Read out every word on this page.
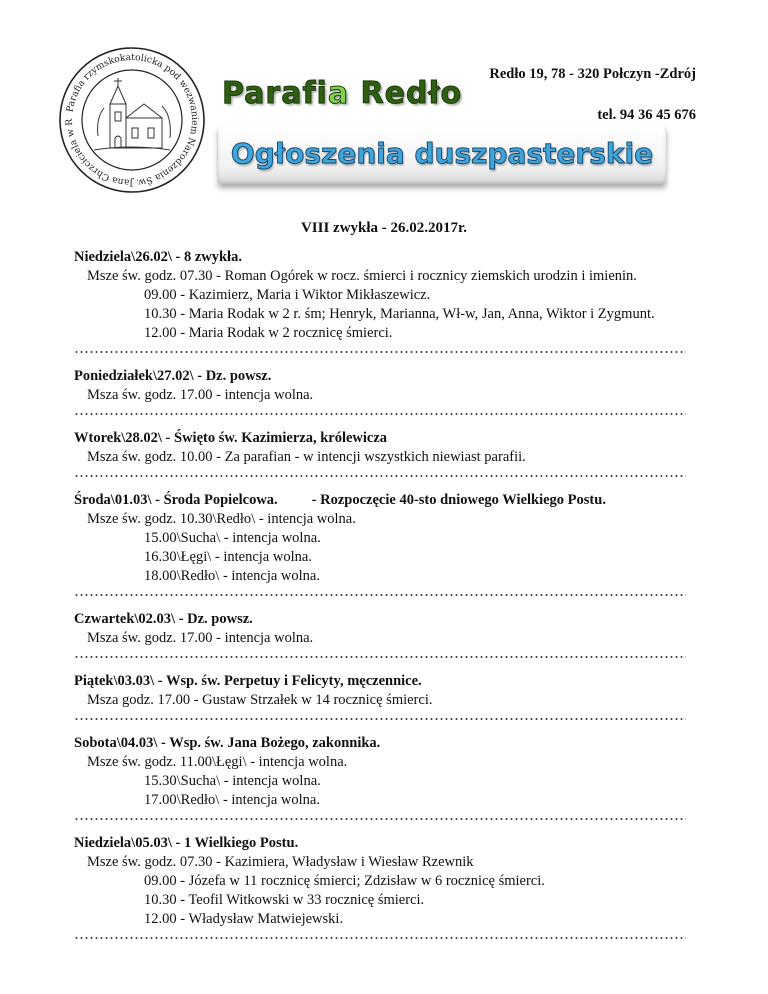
Parafia rzymskokatolicka pod wezwaniem Narodzenia Św. Jana Chrzciciela w R
Parafia Redło
Redło 19, 78 - 320 Połczyn -Zdrój
tel. 94 36 45 676
Ogłoszenia duszpasterskie
VIII zwykła - 26.02.2017r.
Niedziela\26.02\ - 8 zwykła.
Msze św. godz. 07.30 - Roman Ogórek w rocz. śmierci i rocznicy ziemskich urodzin i imienin.
09.00 - Kazimierz, Maria i Wiktor Mikłaszewicz.
10.30 - Maria Rodak w 2 r. śm; Henryk, Marianna, Wł-w, Jan, Anna, Wiktor i Zygmunt.
12.00 - Maria Rodak w 2 rocznicę śmierci.
Poniedziałek\27.02\ - Dz. powsz.
Msza św. godz. 17.00 - intencja wolna.
Wtorek\28.02\ - Święto św. Kazimierza, królewicza
Msza św. godz. 10.00 - Za parafian - w intencji wszystkich niewiast parafii.
Środa\01.03\ - Środa Popielcowa. - Rozpoczęcie 40-sto dniowego Wielkiego Postu.
Msze św. godz. 10.30\Redło\ - intencja wolna.
15.00\Sucha\ - intencja wolna.
16.30\Łęgi\ - intencja wolna.
18.00\Redło\ - intencja wolna.
Czwartek\02.03\ - Dz. powsz.
Msza św. godz. 17.00 - intencja wolna.
Piątek\03.03\ - Wsp. św. Perpetuy i Felicyty, męczennice.
Msza godz. 17.00 - Gustaw Strzałek w 14 rocznicę śmierci.
Sobota\04.03\ - Wsp. św. Jana Bożego, zakonnika.
Msze św. godz. 11.00\Łęgi\ - intencja wolna.
15.30\Sucha\ - intencja wolna.
17.00\Redło\ - intencja wolna.
Niedziela\05.03\ - 1 Wielkiego Postu.
Msze św. godz. 07.30 - Kazimiera, Władysław i Wiesław Rzewnik
09.00 - Józefa w 11 rocznicę śmierci; Zdzisław w 6 rocznicę śmierci.
10.30 - Teofil Witkowski w 33 rocznicę śmierci.
12.00 - Władysław Matwiejewski.
